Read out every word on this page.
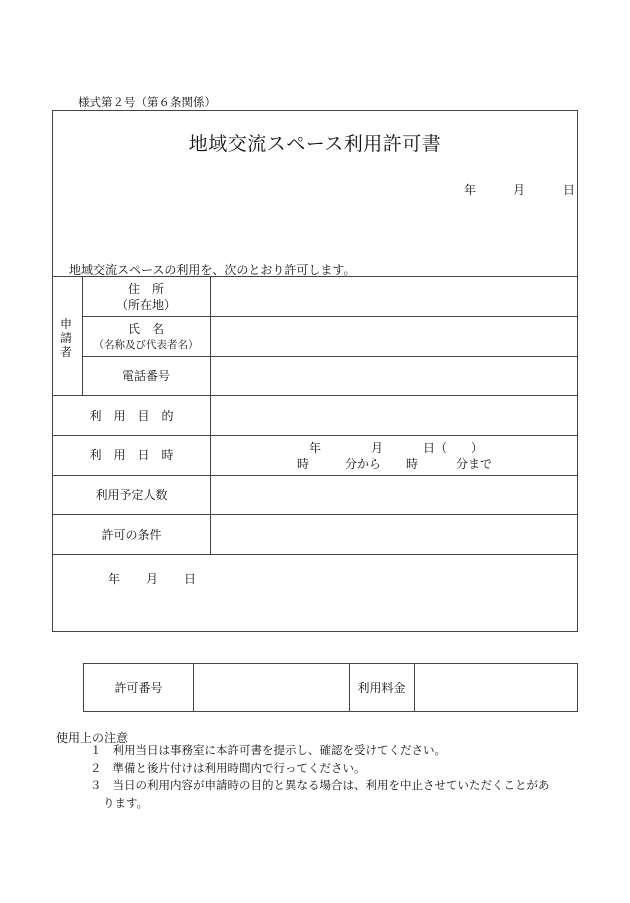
様式第２号（第６条関係）
地域交流スペース利用許可書
年	月	日
地域交流スペースの利用を、次のとおり許可します。
申
請
者
住　所
（所在地）
氏　名
（名称及び代表者名）
電話番号
利　用　目　的
利　用　日　時	年	月	日（　　）
時	分から 時	分まで
利用予定人数
許可の条件
年 月 日
許可番号	利用料金
使用上の注意
１ 利用当日は事務室に本許可書を提示し、確認を受けてください。
２ 準備と後片付けは利用時間内で行ってください。
３ 当日の利用内容が申請時の目的と異なる場合は、利用を中止させていただくことがあ
ります。
